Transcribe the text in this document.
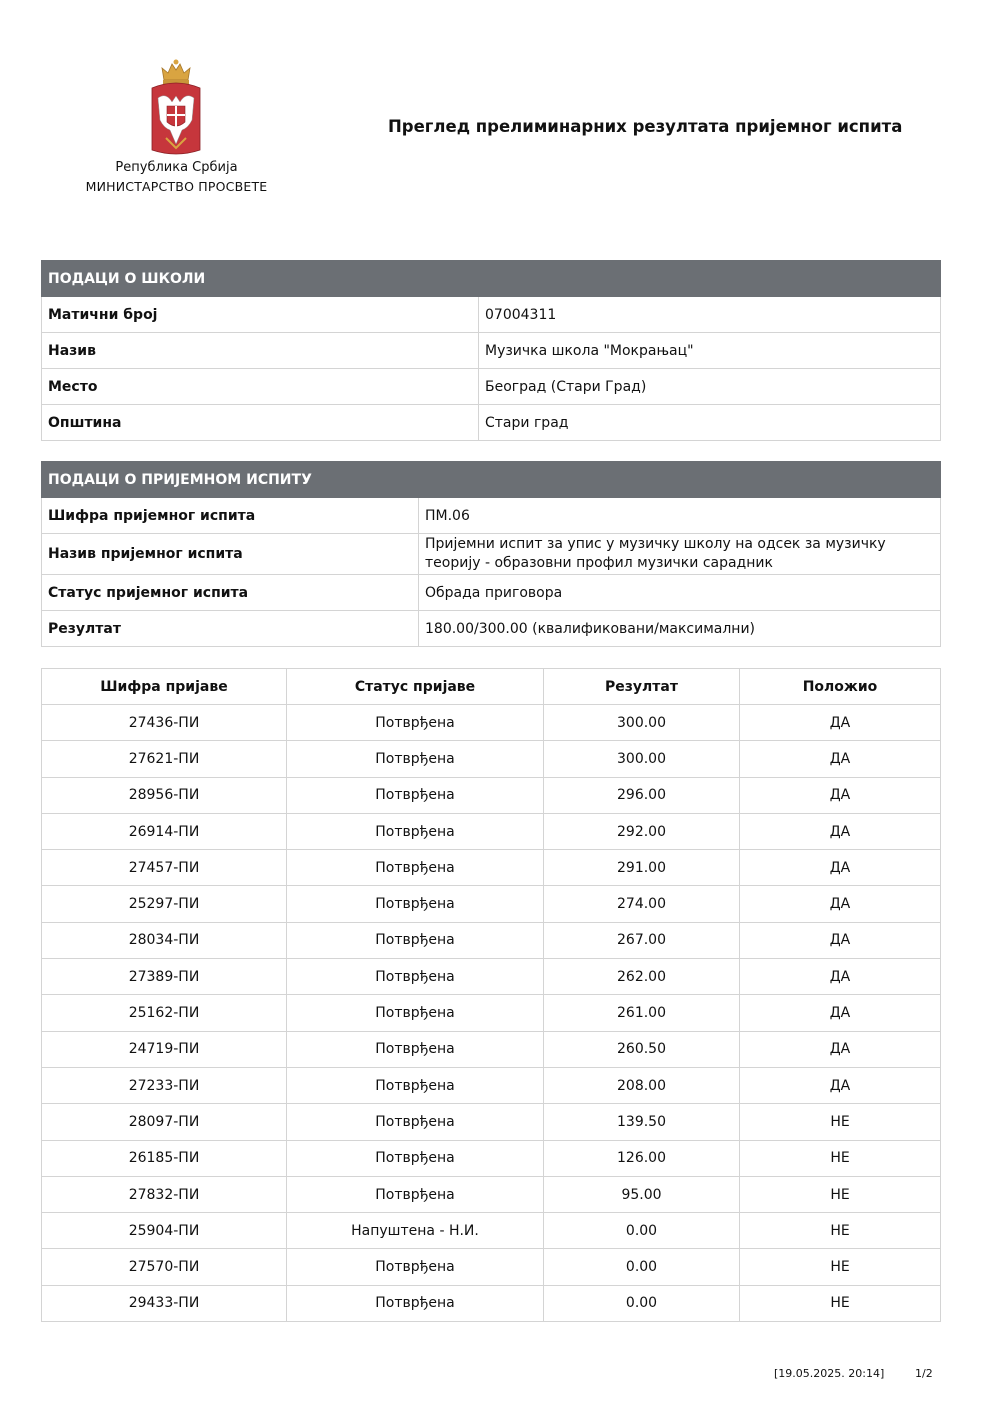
Република Србија
МИНИСТАРСТВО ПРОСВЕТЕ
Преглед прелиминарних резултата пријемног испита
ПОДАЦИ О ШКОЛИ	
Матични број	07004311
Назив	Музичка школа "Мокрањац"
Место	Београд (Стари Град)
Општина	Стари град
ПОДАЦИ О ПРИЈЕМНОМ ИСПИТУ	
Шифра пријемног испита	ПМ.06
Назив пријемног испита	Пријемни испит за упис у музичку школу на одсек за музичку теорију - образовни профил музички сарадник
Статус пријемног испита	Обрада приговора
Резултат	180.00/300.00 (квалификовани/максимални)
Шифра пријаве	Статус пријаве	Резултат	Положио
27436-ПИ	Потврђена	300.00	ДА
27621-ПИ	Потврђена	300.00	ДА
28956-ПИ	Потврђена	296.00	ДА
26914-ПИ	Потврђена	292.00	ДА
27457-ПИ	Потврђена	291.00	ДА
25297-ПИ	Потврђена	274.00	ДА
28034-ПИ	Потврђена	267.00	ДА
27389-ПИ	Потврђена	262.00	ДА
25162-ПИ	Потврђена	261.00	ДА
24719-ПИ	Потврђена	260.50	ДА
27233-ПИ	Потврђена	208.00	ДА
28097-ПИ	Потврђена	139.50	НЕ
26185-ПИ	Потврђена	126.00	НЕ
27832-ПИ	Потврђена	95.00	НЕ
25904-ПИ	Напуштена - Н.И.	0.00	НЕ
27570-ПИ	Потврђена	0.00	НЕ
29433-ПИ	Потврђена	0.00	НЕ
[19.05.2025. 20:14]	1/2
